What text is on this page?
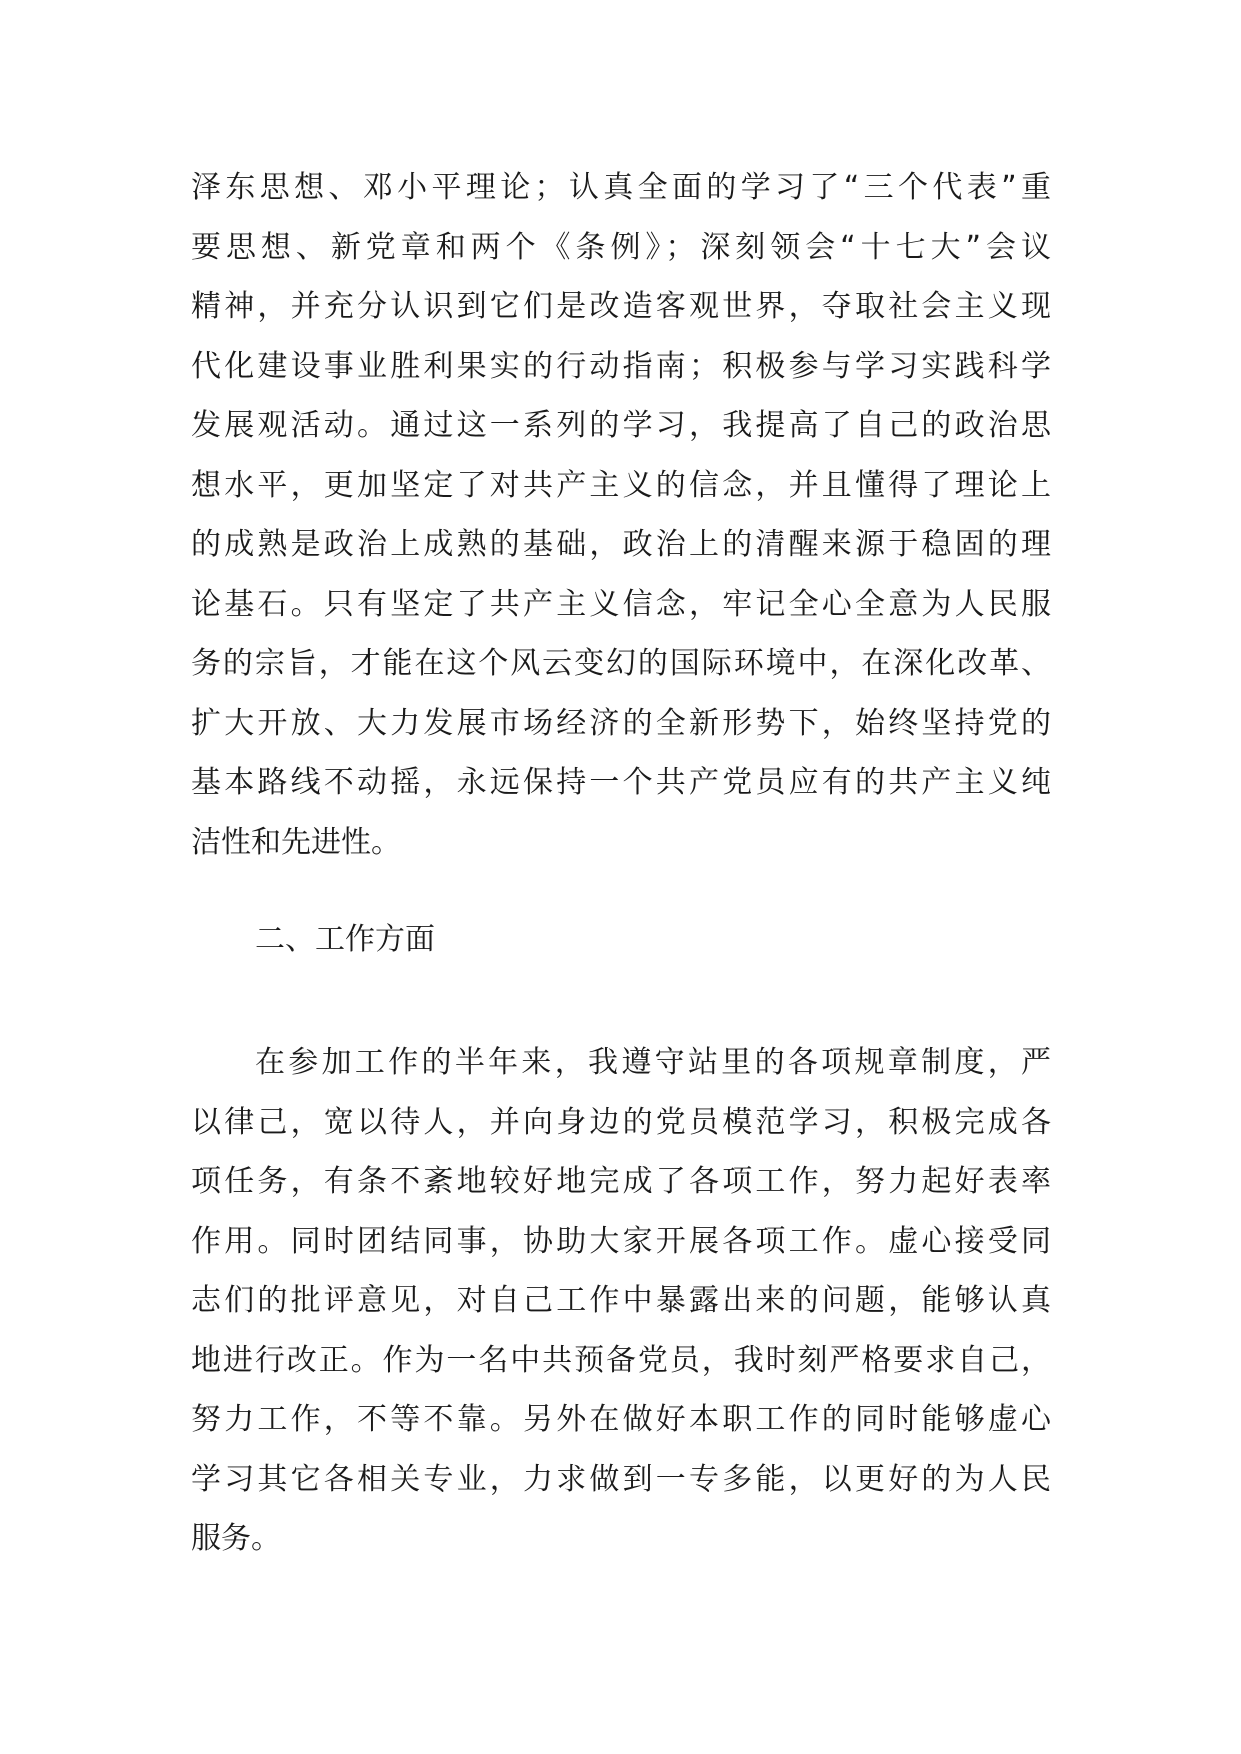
泽东思想、邓小平理论；认真全面的学习了“三个代表”重
要思想、新党章和两个《条例》；深刻领会“十七大”会议
精神，并充分认识到它们是改造客观世界，夺取社会主义现
代化建设事业胜利果实的行动指南；积极参与学习实践科学
发展观活动。通过这一系列的学习，我提高了自己的政治思
想水平，更加坚定了对共产主义的信念，并且懂得了理论上
的成熟是政治上成熟的基础，政治上的清醒来源于稳固的理
论基石。只有坚定了共产主义信念，牢记全心全意为人民服
务的宗旨，才能在这个风云变幻的国际环境中，在深化改革、
扩大开放、大力发展市场经济的全新形势下，始终坚持党的
基本路线不动摇，永远保持一个共产党员应有的共产主义纯
洁性和先进性。
二、工作方面
在参加工作的半年来，我遵守站里的各项规章制度，严
以律己，宽以待人，并向身边的党员模范学习，积极完成各
项任务，有条不紊地较好地完成了各项工作，努力起好表率
作用。同时团结同事，协助大家开展各项工作。虚心接受同
志们的批评意见，对自己工作中暴露出来的问题，能够认真
地进行改正。作为一名中共预备党员，我时刻严格要求自己，
努力工作，不等不靠。另外在做好本职工作的同时能够虚心
学习其它各相关专业，力求做到一专多能，以更好的为人民
服务。
